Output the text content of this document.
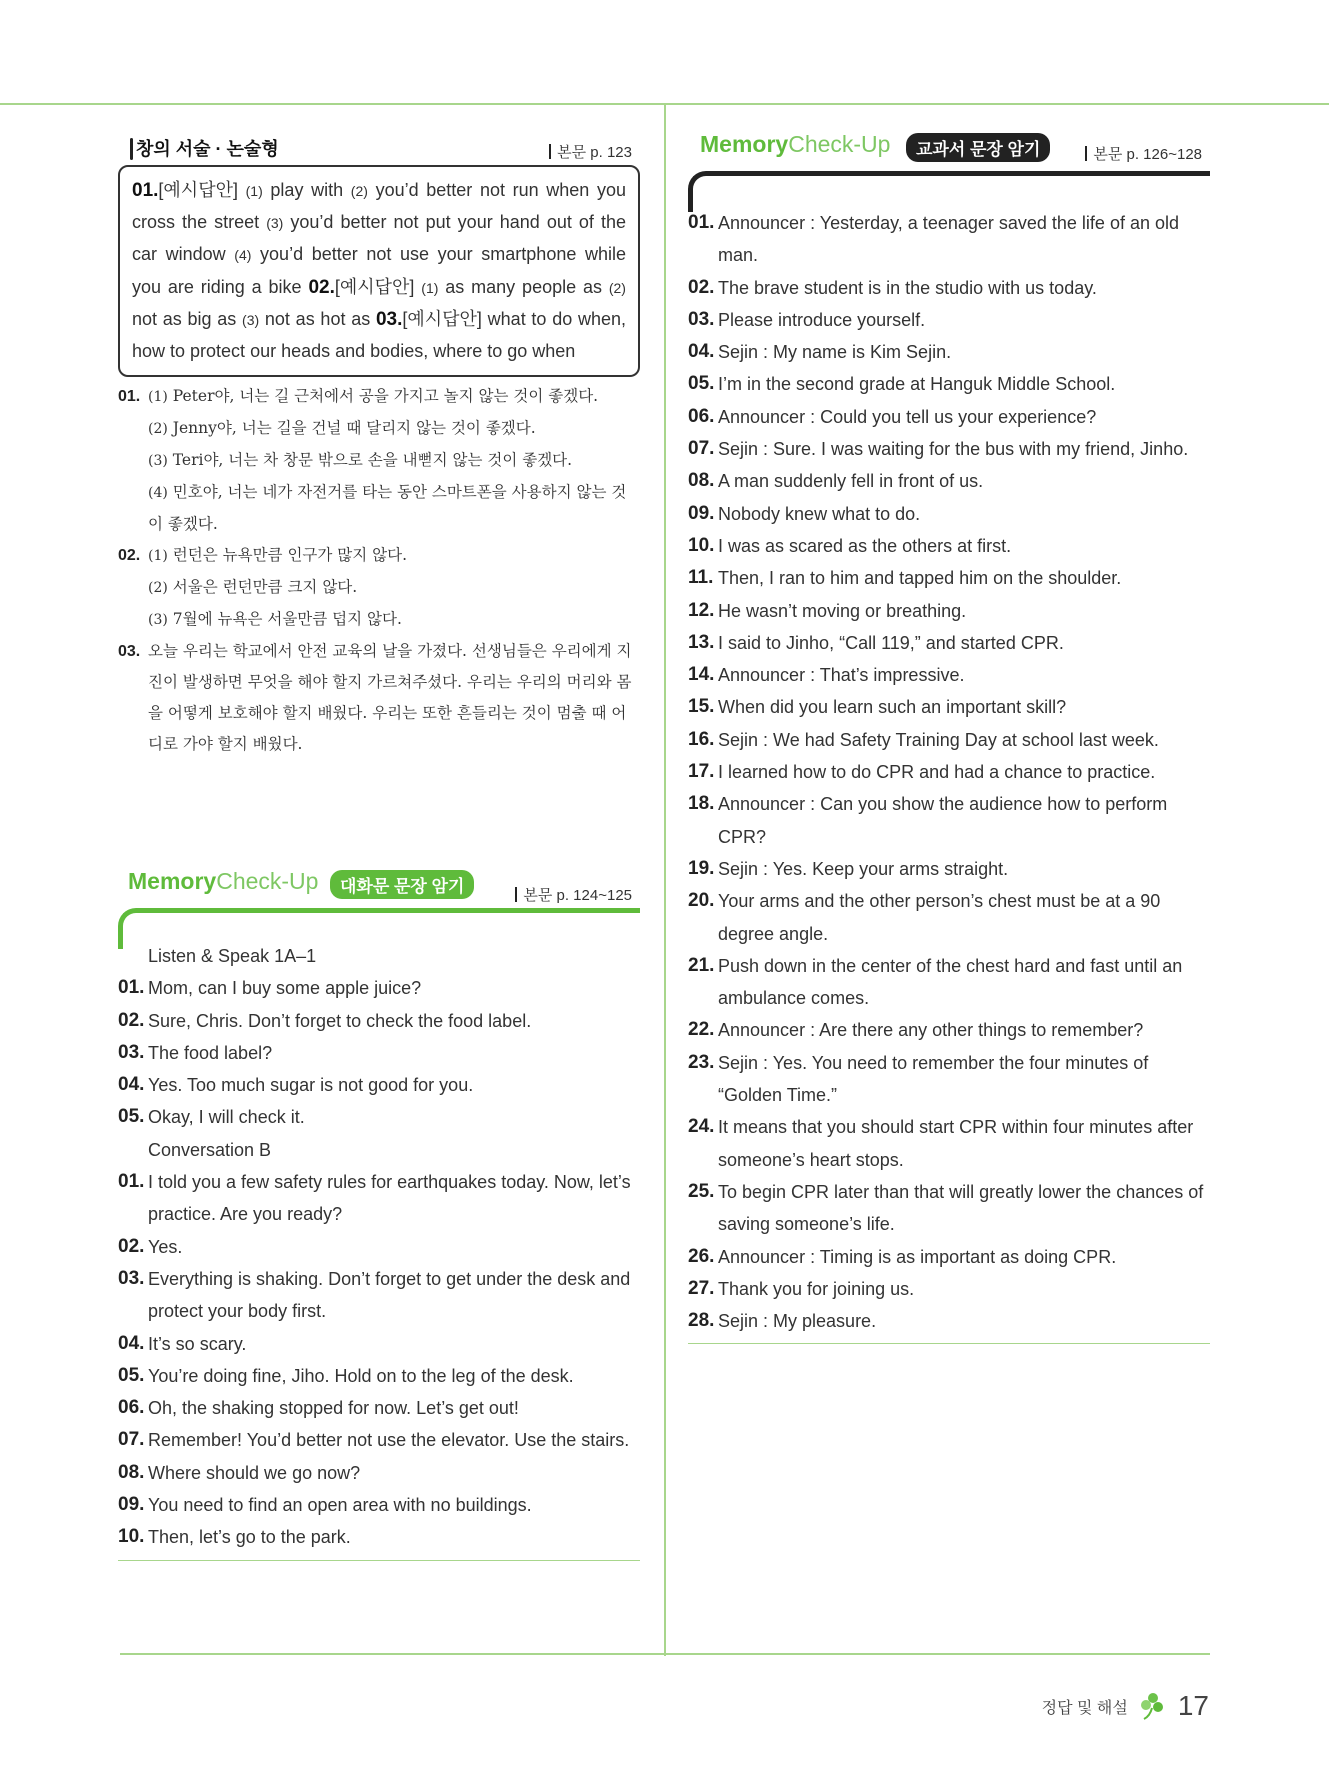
창의 서술 · 논술형	본문 p. 123
01.[예시답안] (1) play with (2) you’d better not run when you cross the street (3) you’d better not put your hand out of the car window (4) you’d better not use your smartphone while you are riding a bike 02.[예시답안] (1) as many people as (2) not as big as (3) not as hot as 03.[예시답안] what to do when, how to protect our heads and bodies, where to go when
01. (1) Peter야, 너는 길 근처에서 공을 가지고 놀지 않는 것이 좋겠다.
(2) Jenny야, 너는 길을 건널 때 달리지 않는 것이 좋겠다.
(3) Teri야, 너는 차 창문 밖으로 손을 내뻗지 않는 것이 좋겠다.
(4) 민호야, 너는 네가 자전거를 타는 동안 스마트폰을 사용하지 않는 것이 좋겠다.
02. (1) 런던은 뉴욕만큼 인구가 많지 않다.
(2) 서울은 런던만큼 크지 않다.
(3) 7월에 뉴욕은 서울만큼 덥지 않다.
03. 오늘 우리는 학교에서 안전 교육의 날을 가졌다. 선생님들은 우리에게 지진이 발생하면 무엇을 해야 할지 가르쳐주셨다. 우리는 우리의 머리와 몸을 어떻게 보호해야 할지 배웠다. 우리는 또한 흔들리는 것이 멈출 때 어디로 가야 할지 배웠다.
MemoryCheck-Up	대화문 문장 암기	본문 p. 124~125
Listen & Speak 1A–1
01. Mom, can I buy some apple juice?
02. Sure, Chris. Don’t forget to check the food label.
03. The food label?
04. Yes. Too much sugar is not good for you.
05. Okay, I will check it.
Conversation B
01. I told you a few safety rules for earthquakes today. Now, let’s practice. Are you ready?
02. Yes.
03. Everything is shaking. Don’t forget to get under the desk and protect your body first.
04. It’s so scary.
05. You’re doing fine, Jiho. Hold on to the leg of the desk.
06. Oh, the shaking stopped for now. Let’s get out!
07. Remember! You’d better not use the elevator. Use the stairs.
08. Where should we go now?
09. You need to find an open area with no buildings.
10. Then, let’s go to the park.
MemoryCheck-Up	교과서 문장 암기	본문 p. 126~128
01. Announcer : Yesterday, a teenager saved the life of an old man.
02. The brave student is in the studio with us today.
03. Please introduce yourself.
04. Sejin : My name is Kim Sejin.
05. I’m in the second grade at Hanguk Middle School.
06. Announcer : Could you tell us your experience?
07. Sejin : Sure. I was waiting for the bus with my friend, Jinho.
08. A man suddenly fell in front of us.
09. Nobody knew what to do.
10. I was as scared as the others at first.
11. Then, I ran to him and tapped him on the shoulder.
12. He wasn’t moving or breathing.
13. I said to Jinho, “Call 119,” and started CPR.
14. Announcer : That’s impressive.
15. When did you learn such an important skill?
16. Sejin : We had Safety Training Day at school last week.
17. I learned how to do CPR and had a chance to practice.
18. Announcer : Can you show the audience how to perform CPR?
19. Sejin : Yes. Keep your arms straight.
20. Your arms and the other person’s chest must be at a 90 degree angle.
21. Push down in the center of the chest hard and fast until an ambulance comes.
22. Announcer : Are there any other things to remember?
23. Sejin : Yes. You need to remember the four minutes of “Golden Time.”
24. It means that you should start CPR within four minutes after someone’s heart stops.
25. To begin CPR later than that will greatly lower the chances of saving someone’s life.
26. Announcer : Timing is as important as doing CPR.
27. Thank you for joining us.
28. Sejin : My pleasure.
정답 및 해설 17
